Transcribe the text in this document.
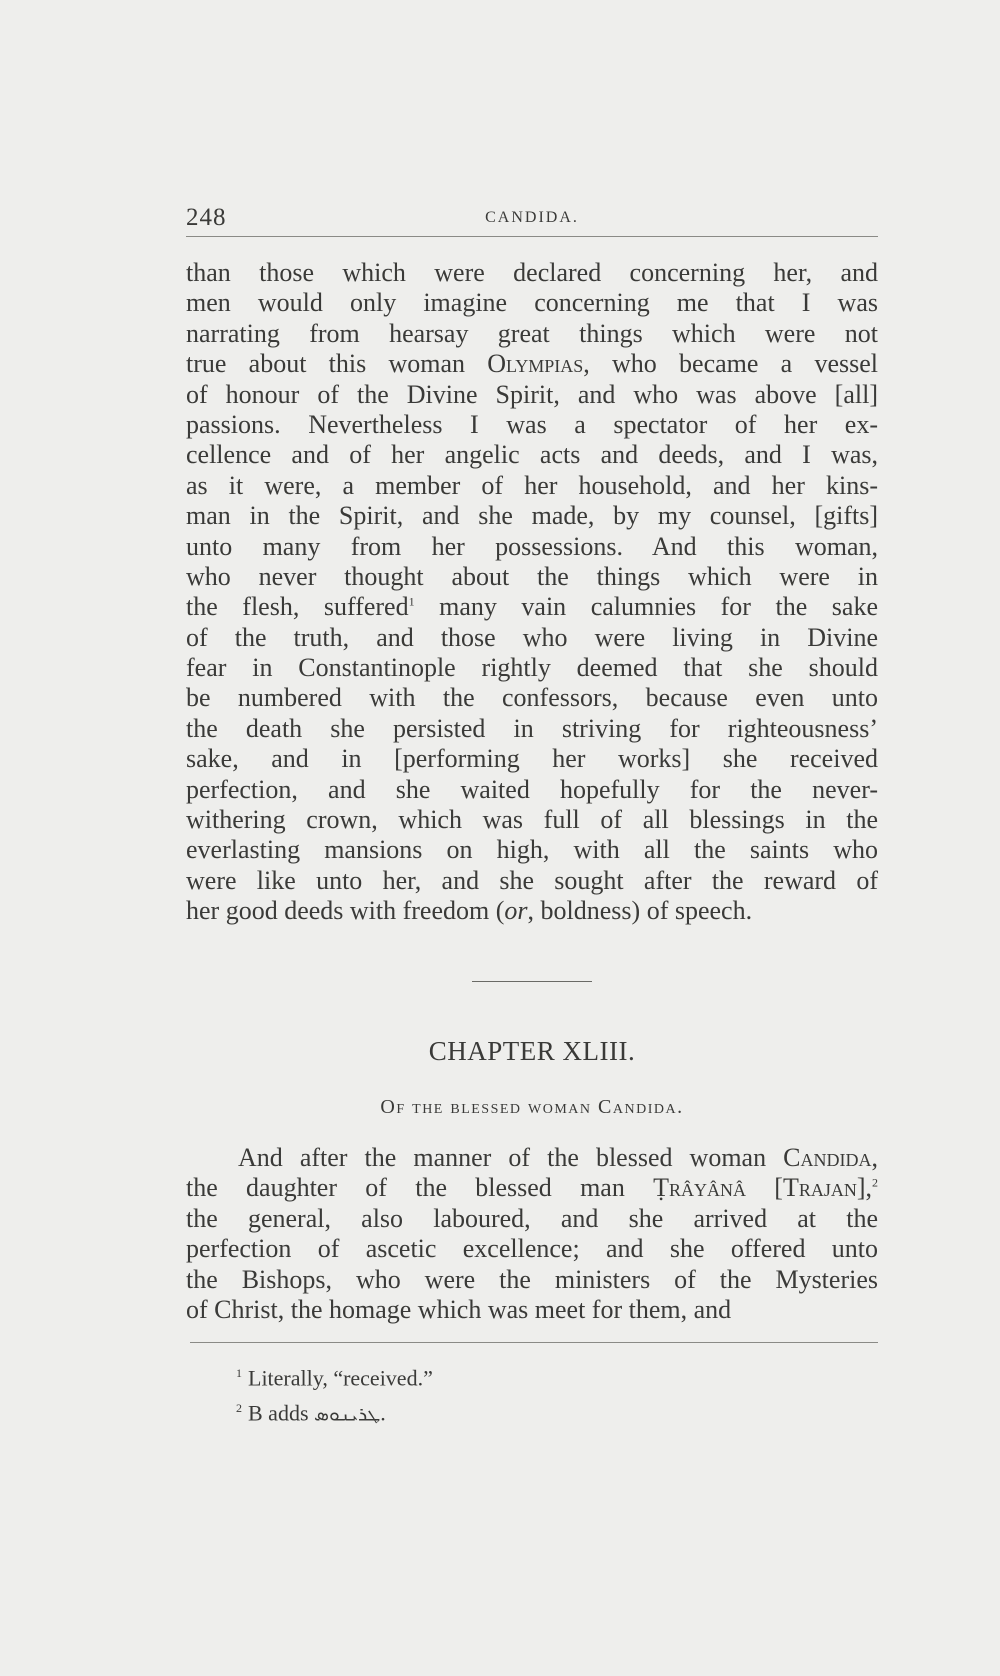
248	CANDIDA.
than those which were declared concerning her, and
men would only imagine concerning me that I was
narrating from hearsay great things which were not
true about this woman Olympias, who became a vessel
of honour of the Divine Spirit, and who was above [all]
passions. Nevertheless I was a spectator of her ex-
cellence and of her angelic acts and deeds, and I was,
as it were, a member of her household, and her kins-
man in the Spirit, and she made, by my counsel, [gifts]
unto many from her possessions. And this woman,
who never thought about the things which were in
the flesh, suffered$^1$ many vain calumnies for the sake
of the truth, and those who were living in Divine
fear in Constantinople rightly deemed that she should
be numbered with the confessors, because even unto
the death she persisted in striving for righteousness’
sake, and in [performing her works] she received
perfection, and she waited hopefully for the never-
withering crown, which was full of all blessings in the
everlasting mansions on high, with all the saints who
were like unto her, and she sought after the reward of
her good deeds with freedom (or, boldness) of speech.
CHAPTER XLIII.
Of the blessed woman Candida.
  And after the manner of the blessed woman Candida,
the daughter of the blessed man Ṭrâyânâ [Trajan],$^2$
the general, also laboured, and she arrived at the
perfection of ascetic excellence; and she offered unto
the Bishops, who were the ministers of the Mysteries
of Christ, the homage which was meet for them, and
$^1$ Literally, “received.”
$^2$ B adds ܛܪܝܢܘܣ.
